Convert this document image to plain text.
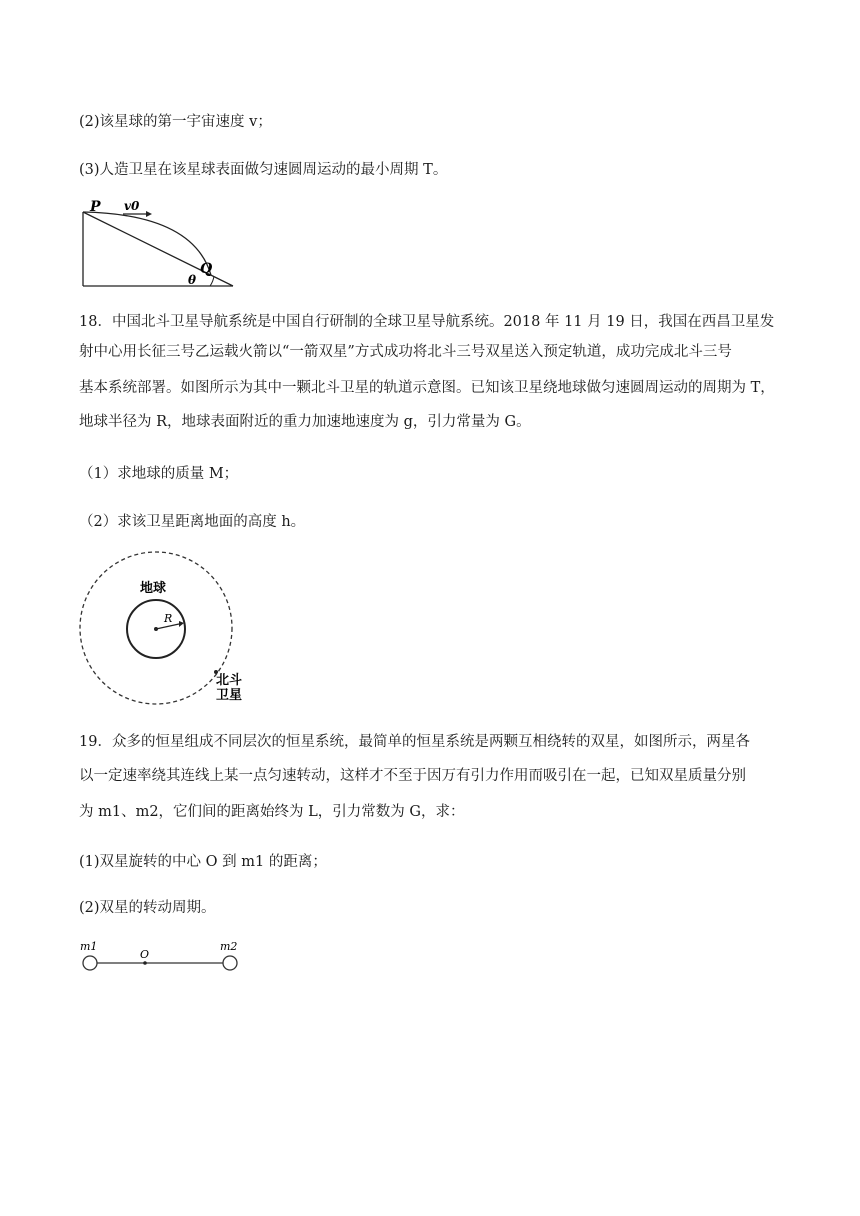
(2)该星球的第一宇宙速度 v；
(3)人造卫星在该星球表面做匀速圆周运动的最小周期 T。
P v0
Q
θ
18．中国北斗卫星导航系统是中国自行研制的全球卫星导航系统。2018 年 11 月 19 日，我国在西昌卫星发
射中心用长征三号乙运载火箭以“一箭双星”方式成功将北斗三号双星送入预定轨道，成功完成北斗三号
基本系统部署。如图所示为其中一颗北斗卫星的轨道示意图。已知该卫星绕地球做匀速圆周运动的周期为 T，
地球半径为 R，地球表面附近的重力加速地速度为 g，引力常量为 G。
（1）求地球的质量 M；
（2）求该卫星距离地面的高度 h。
地球
R
北斗
卫星
19．众多的恒星组成不同层次的恒星系统，最简单的恒星系统是两颗互相绕转的双星，如图所示，两星各
以一定速率绕其连线上某一点匀速转动，这样才不至于因万有引力作用而吸引在一起，已知双星质量分别
为 m1、m2，它们间的距离始终为 L，引力常数为 G，求：
(1)双星旋转的中心 O 到 m1 的距离；
(2)双星的转动周期。
m1
O
m2
